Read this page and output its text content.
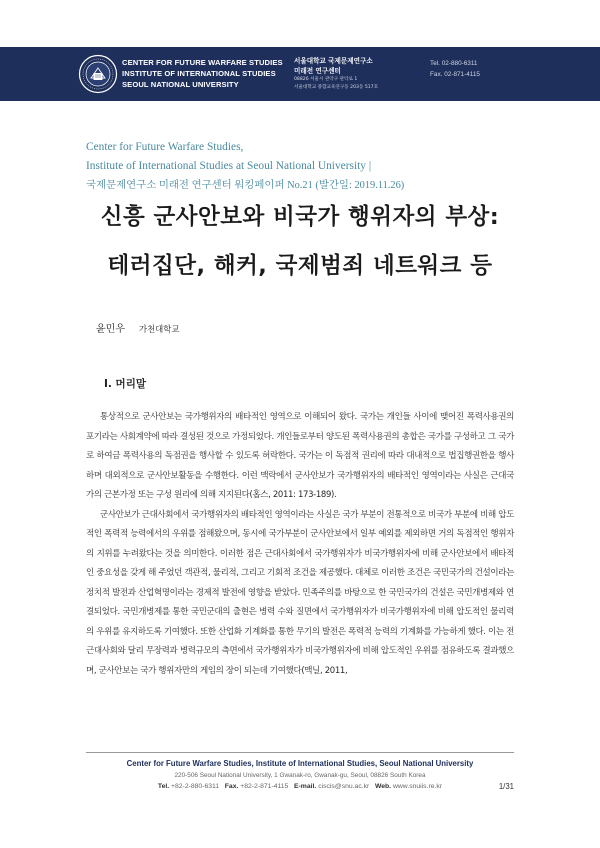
CENTER FOR FUTURE WARFARE STUDIES
INSTITUTE OF INTERNATIONAL STUDIES
SEOUL NATIONAL UNIVERSITY
서울대학교 국제문제연구소
미래전 연구센터
08826 서울시 관악구 관악로 1
서울대학교 종합교육연구동 203동 517호
Tel. 02-880-6311
Fax. 02-871-4115
Center for Future Warfare Studies,
Institute of International Studies at Seoul National University |
국제문제연구소 미래전 연구센터 워킹페이퍼 No.21 (발간일: 2019.11.26)
신흥 군사안보와 비국가 행위자의 부상:
테러집단, 해커, 국제범죄 네트워크 등
윤민우 가천대학교
Ⅰ. 머리말

통상적으로 군사안보는 국가행위자의 배타적인 영역으로 이해되어 왔다. 국가는 개인들 사이에 맺어진 폭력사용권의 포기라는 사회계약에 따라 결성된 것으로 가정되었다. 개인들로부터 양도된 폭력사용권의 총합은 국가를 구성하고 그 국가로 하여금 폭력사용의 독점권을 행사할 수 있도록 허락한다. 국가는 이 독점적 권리에 따라 대내적으로 법집행권한을 행사하며 대외적으로 군사안보활동을 수행한다. 이런 맥락에서 군사안보가 국가행위자의 배타적인 영역이라는 사실은 근대국가의 근본가정 또는 구성 원리에 의해 지지된다(홉스, 2011: 173-189).

군사안보가 근대사회에서 국가행위자의 배타적인 영역이라는 사실은 국가 부분이 전통적으로 비국가 부분에 비해 압도적인 폭력적 능력에서의 우위를 점해왔으며, 동시에 국가부분이 군사안보에서 일부 예외를 제외하면 거의 독점적인 행위자의 지위를 누려왔다는 것을 의미한다. 이러한 점은 근대사회에서 국가행위자가 비국가행위자에 비해 군사안보에서 배타적인 중요성을 갖게 해 주었던 객관적, 물리적, 그리고 기회적 조건을 제공했다. 대체로 이러한 조건은 국민국가의 건설이라는 정치적 발전과 산업혁명이라는 경제적 발전에 영향을 받았다. 민족주의를 바탕으로 한 국민국가의 건설은 국민개병제와 연결되었다. 국민개병제를 통한 국민군대의 출현은 병력 수와 질면에서 국가행위자가 비국가행위자에 비해 압도적인 물리력의 우위를 유지하도록 기여했다. 또한 산업화 기계화를 통한 무기의 발전은 폭력적 능력의 기계화를 가능하게 했다. 이는 전근대사회와 달리 무장력과 병력규모의 측면에서 국가행위자가 비국가행위자에 비해 압도적인 우위를 점유하도록 결과했으며, 군사안보는 국가 행위자만의 게임의 장이 되는데 기여했다(맥닐, 2011,

Center for Future Warfare Studies, Institute of International Studies, Seoul National University
220-506 Seoul National University, 1 Gwanak-ro, Gwanak-gu, Seoul, 08826 South Korea
Tel. +82-2-880-6311 Fax. +82-2-871-4115 E-mail. ciscis@snu.ac.kr Web. www.snuiis.re.kr	1/31
